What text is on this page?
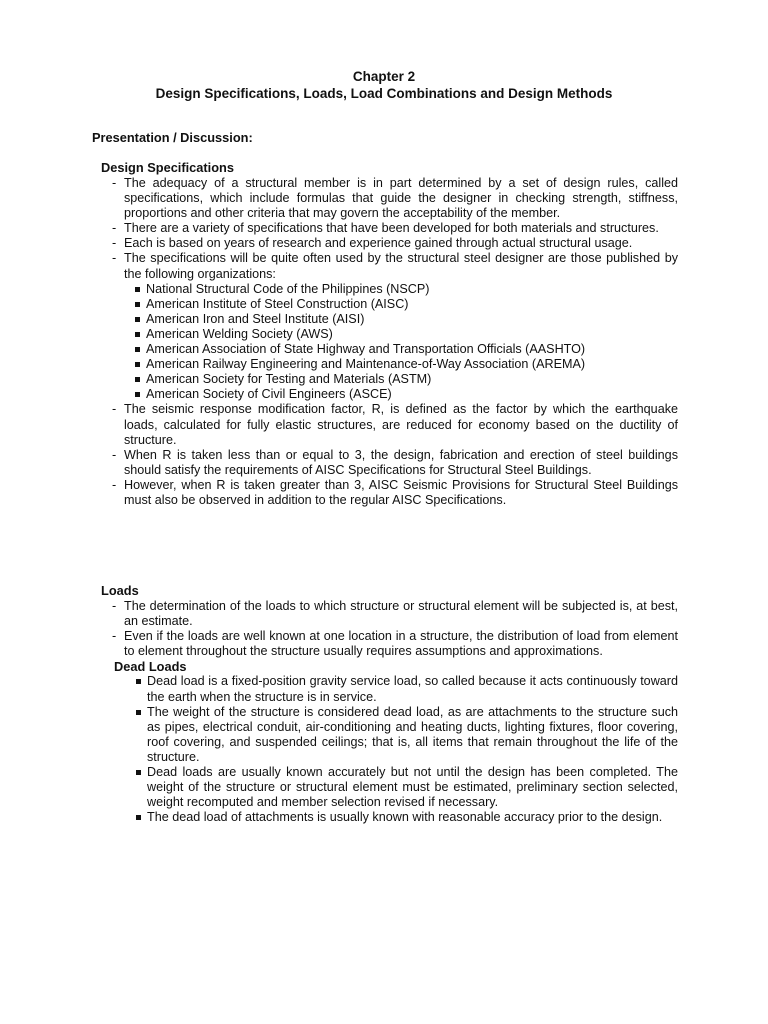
Chapter 2
Design Specifications, Loads, Load Combinations and Design Methods
Presentation / Discussion:
Design Specifications
- The adequacy of a structural member is in part determined by a set of design rules, called specifications, which include formulas that guide the designer in checking strength, stiffness, proportions and other criteria that may govern the acceptability of the member.
- There are a variety of specifications that have been developed for both materials and structures.
- Each is based on years of research and experience gained through actual structural usage.
- The specifications will be quite often used by the structural steel designer are those published by the following organizations:
National Structural Code of the Philippines (NSCP)
American Institute of Steel Construction (AISC)
American Iron and Steel Institute (AISI)
American Welding Society (AWS)
American Association of State Highway and Transportation Officials (AASHTO)
American Railway Engineering and Maintenance-of-Way Association (AREMA)
American Society for Testing and Materials (ASTM)
American Society of Civil Engineers (ASCE)
- The seismic response modification factor, R, is defined as the factor by which the earthquake loads, calculated for fully elastic structures, are reduced for economy based on the ductility of structure.
- When R is taken less than or equal to 3, the design, fabrication and erection of steel buildings should satisfy the requirements of AISC Specifications for Structural Steel Buildings.
- However, when R is taken greater than 3, AISC Seismic Provisions for Structural Steel Buildings must also be observed in addition to the regular AISC Specifications.
Loads
- The determination of the loads to which structure or structural element will be subjected is, at best, an estimate.
- Even if the loads are well known at one location in a structure, the distribution of load from element to element throughout the structure usually requires assumptions and approximations.
Dead Loads
Dead load is a fixed-position gravity service load, so called because it acts continuously toward the earth when the structure is in service.
The weight of the structure is considered dead load, as are attachments to the structure such as pipes, electrical conduit, air-conditioning and heating ducts, lighting fixtures, floor covering, roof covering, and suspended ceilings; that is, all items that remain throughout the life of the structure.
Dead loads are usually known accurately but not until the design has been completed. The weight of the structure or structural element must be estimated, preliminary section selected, weight recomputed and member selection revised if necessary.
The dead load of attachments is usually known with reasonable accuracy prior to the design.
